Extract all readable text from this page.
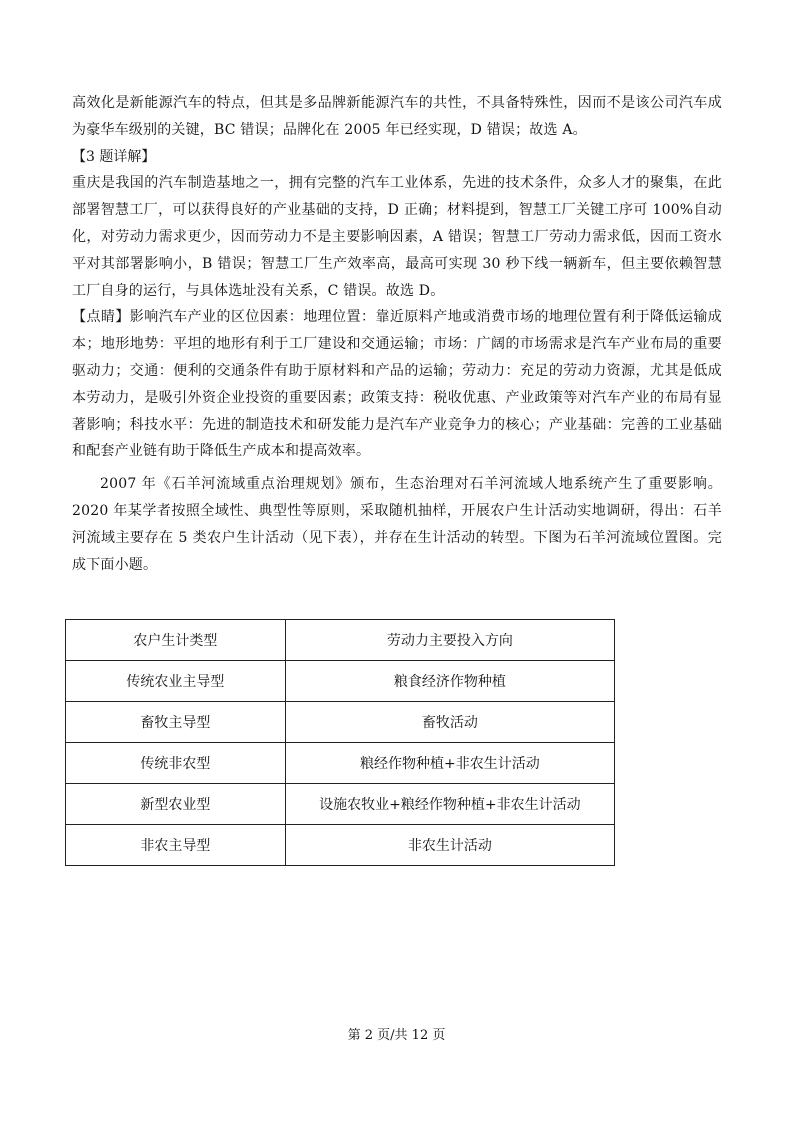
高效化是新能源汽车的特点，但其是多品牌新能源汽车的共性，不具备特殊性，因而不是该公司汽车成为豪华车级别的关键，BC 错误；品牌化在 2005 年已经实现，D 错误；故选 A。

【3 题详解】

重庆是我国的汽车制造基地之一，拥有完整的汽车工业体系，先进的技术条件，众多人才的聚集，在此部署智慧工厂，可以获得良好的产业基础的支持，D 正确；材料提到，智慧工厂关键工序可 100%自动化，对劳动力需求更少，因而劳动力不是主要影响因素，A 错误；智慧工厂劳动力需求低，因而工资水平对其部署影响小，B 错误；智慧工厂生产效率高，最高可实现 30 秒下线一辆新车，但主要依赖智慧工厂自身的运行，与具体选址没有关系，C 错误。故选 D。

【点睛】影响汽车产业的区位因素：地理位置：靠近原料产地或消费市场的地理位置有利于降低运输成本；地形地势：平坦的地形有利于工厂建设和交通运输；市场：广阔的市场需求是汽车产业布局的重要驱动力；交通：便利的交通条件有助于原材料和产品的运输；劳动力：充足的劳动力资源，尤其是低成本劳动力，是吸引外资企业投资的重要因素；政策支持：税收优惠、产业政策等对汽车产业的布局有显著影响；科技水平：先进的制造技术和研发能力是汽车产业竞争力的核心；产业基础：完善的工业基础和配套产业链有助于降低生产成本和提高效率。

2007 年《石羊河流域重点治理规划》颁布，生态治理对石羊河流域人地系统产生了重要影响。2020 年某学者按照全域性、典型性等原则，采取随机抽样，开展农户生计活动实地调研，得出：石羊河流域主要存在 5 类农户生计活动（见下表），并存在生计活动的转型。下图为石羊河流域位置图。完成下面小题。

农户生计类型	劳动力主要投入方向
传统农业主导型	粮食经济作物种植
畜牧主导型	畜牧活动
传统非农型	粮经作物种植+非农生计活动
新型农业型	设施农牧业+粮经作物种植+非农生计活动
非农主导型	非农生计活动
第 2 页/共 12 页
